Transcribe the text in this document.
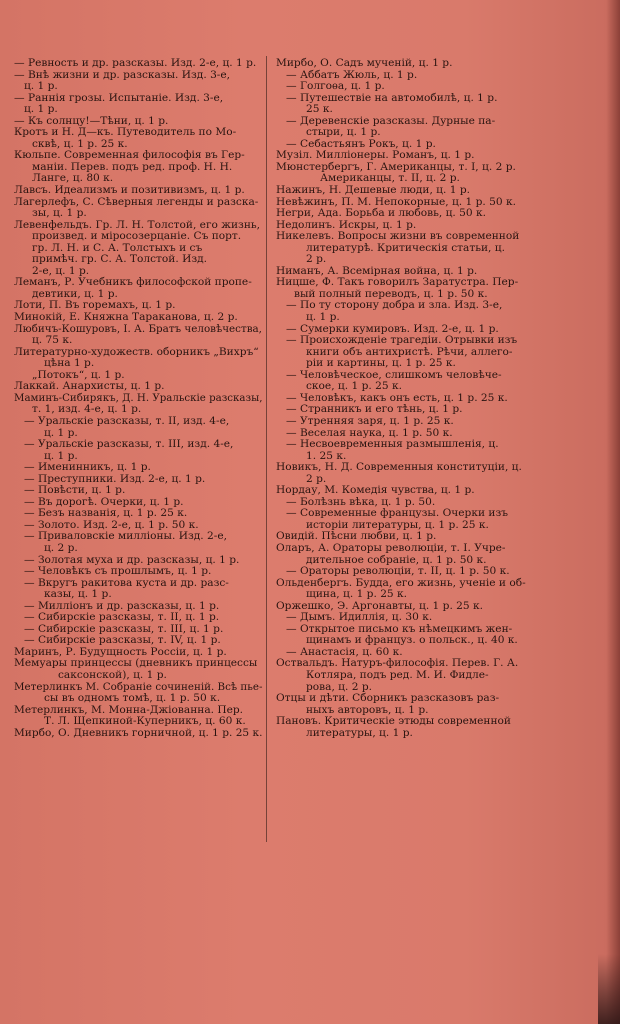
— Ревность и др. разсказы. Изд. 2-е, ц. 1 р.
— Внѣ жизни и др. разсказы. Изд. 3-е,
ц. 1 р.
— Раннія грозы. Испытаніе. Изд. 3-е,
ц. 1 р.
— Къ солнцу!—Тѣни, ц. 1 р.
Кротъ и Н. Д—къ. Путеводитель по Мо-
сквѣ, ц. 1 р. 25 к.
Кюльпе. Современная философія въ Гер-
маніи. Перев. подъ ред. проф. Н. Н.
Ланге, ц. 80 к.
Лавсъ. Идеализмъ и позитивизмъ, ц. 1 р.
Лагерлефъ, С. Сѣверныя легенды и разска-
зы, ц. 1 р.
Левенфельдъ. Гр. Л. Н. Толстой, его жизнь,
произвед. и міросозерцаніе. Съ порт.
гр. Л. Н. и С. А. Толстыхъ и съ
примѣч. гр. С. А. Толстой. Изд.
2-е, ц. 1 р.
Леманъ, Р. Учебникъ философской пропе-
девтики, ц. 1 р.
Лоти, П. Въ горемахъ, ц. 1 р.
Минокій, Е. Княжна Тараканова, ц. 2 р.
Любичъ-Кошуровъ, І. А. Братъ человѣчества,
ц. 75 к.
Литературно-художеств. оборникъ „Вихръ“
цѣна 1 р.
„Потокъ“, ц. 1 р.
Лаккай. Анархисты, ц. 1 р.
Маминъ-Сибирякъ, Д. Н. Уральскіе разсказы,
т. 1, изд. 4-е, ц. 1 р.
— Уральскіе разсказы, т. II, изд. 4-е,
ц. 1 р.
— Уральскіе разсказы, т. III, изд. 4-е,
ц. 1 р.
— Именинникъ, ц. 1 р.
— Преступники. Изд. 2-е, ц. 1 р.
— Повѣсти, ц. 1 р.
— Въ дорогѣ. Очерки, ц. 1 р.
— Безъ названія, ц. 1 р. 25 к.
— Золото. Изд. 2-е, ц. 1 р. 50 к.
— Приваловскіе милліоны. Изд. 2-е,
ц. 2 р.
— Золотая муха и др. разсказы, ц. 1 р.
— Человѣкъ съ прошлымъ, ц. 1 р.
— Вкругъ ракитова куста и др. разс-
казы, ц. 1 р.
— Милліонъ и др. разсказы, ц. 1 р.
— Сибирскіе разсказы, т. II, ц. 1 р.
— Сибирскіе разсказы, т. III, ц. 1 р.
— Сибирскіе разсказы, т. IV, ц. 1 р.
Маринъ, Р. Будущность Россіи, ц. 1 р.
Мемуары принцессы (дневникъ принцессы
саксонской), ц. 1 р.
Метерлинкъ М. Собраніе сочиненій. Всѣ пье-
сы въ одномъ томѣ, ц. 1 р. 50 к.
Метерлинкъ, М. Монна-Джіованна. Пер.
Т. Л. Щепкиной-Куперникъ, ц. 60 к.
Мирбо, О. Дневникъ горничной, ц. 1 р. 25 к.
Мирбо, О. Садъ мученій, ц. 1 р.
— Аббатъ Жюль, ц. 1 р.
— Голгоѳа, ц. 1 р.
— Путешествіе на автомобилѣ, ц. 1 р.
25 к.
— Деревенскіе разсказы. Дурные па-
стыри, ц. 1 р.
— Себастьянъ Рокъ, ц. 1 р.
Музіл. Милліонеры. Романъ, ц. 1 р.
Мюнстербергъ, Г. Американцы, т. I, ц. 2 р.
Американцы, т. II, ц. 2 р.
Нажинъ, Н. Дешевые люди, ц. 1 р.
Невѣжинъ, П. М. Непокорные, ц. 1 р. 50 к.
Негри, Ада. Борьба и любовь, ц. 50 к.
Недолинъ. Искры, ц. 1 р.
Никелевъ. Вопросы жизни въ современной
литературѣ. Критическія статьи, ц.
2 р.
Ниманъ, А. Всемірная война, ц. 1 р.
Ницше, Ф. Такъ говорилъ Заратустра. Пер-
вый полный переводъ, ц. 1 р. 50 к.
— По ту сторону добра и зла. Изд. 3-е,
ц. 1 р.
— Сумерки кумировъ. Изд. 2-е, ц. 1 р.
— Происхожденіе трагедіи. Отрывки изъ
книги объ антихристѣ. Рѣчи, аллего-
ріи и картины, ц. 1 р. 25 к.
— Человѣческое, слишкомъ человѣче-
ское, ц. 1 р. 25 к.
— Человѣкъ, какъ онъ есть, ц. 1 р. 25 к.
— Странникъ и его тѣнь, ц. 1 р.
— Утренняя заря, ц. 1 р. 25 к.
— Веселая наука, ц. 1 р. 50 к.
— Несвоевременныя размышленія, ц.
1. 25 к.
Новикъ, Н. Д. Современныя конституціи, ц.
2 р.
Нордау, М. Комедія чувства, ц. 1 р.
— Болѣзнь вѣка, ц. 1 р. 50.
— Современные французы. Очерки изъ
исторіи литературы, ц. 1 р. 25 к.
Овидій. Пѣсни любви, ц. 1 р.
Оларъ, А. Ораторы революціи, т. I. Учре-
дительное собраніе, ц. 1 р. 50 к.
— Ораторы революціи, т. II, ц. 1 р. 50 к.
Ольденбергъ. Будда, его жизнь, ученіе и об-
щина, ц. 1 р. 25 к.
Оржешко, Э. Аргонавты, ц. 1 р. 25 к.
— Дымъ. Идиллія, ц. 30 к.
— Открытое письмо къ нѣмецкимъ жен-
щинамъ и француз. о польск., ц. 40 к.
— Анастасія, ц. 60 к.
Оствальдъ. Натуръ-философія. Перев. Г. А.
Котляра, подъ ред. М. И. Фидле-
рова, ц. 2 р.
Отцы и дѣти. Сборникъ разсказовъ раз-
ныхъ авторовъ, ц. 1 р.
Пановъ. Критическіе этюды современной
литературы, ц. 1 р.
